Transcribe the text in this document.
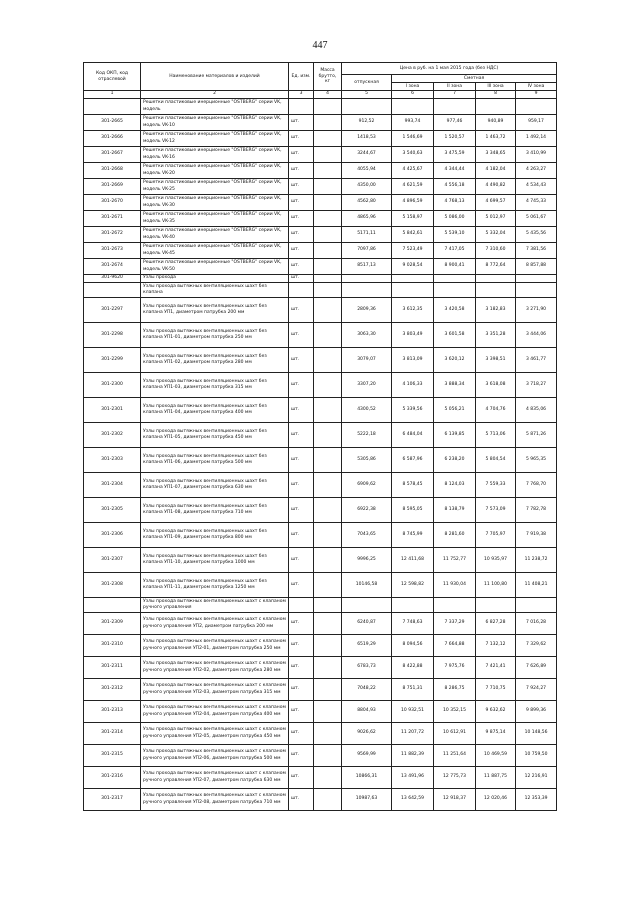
447
Код ОКП, код отраслевой	Наименование материалов и изделий	Ед. изм.	Масса брутто, кг	Цена в руб. на 1 мая 2015 года (без НДС)				
				отпускная	Сметная			
					I зона	II зона	III зона	IV зона
1	2	3	4	5	6	7	8	9
	Решетки пластиковые инерционные "OSTBERG" серии VK, модель							
301-2665	Решетки пластиковые инерционные "OSTBERG" серии VK, модель VK-10	шт.		912,52	993,74	977,46	940,89	959,17
301-2666	Решетки пластиковые инерционные "OSTBERG" серии VK, модель VK-12	шт.		1418,53	1 546,69	1 520,57	1 463,72	1 492,14
301-2667	Решетки пластиковые инерционные "OSTBERG" серии VK, модель VK-16	шт.		3244,67	3 540,63	3 475,59	3 348,65	3 410,99
301-2668	Решетки пластиковые инерционные "OSTBERG" серии VK, модель VK-20	шт.		4055,94	4 425,67	4 344,44	4 182,04	4 263,27
301-2669	Решетки пластиковые инерционные "OSTBERG" серии VK, модель VK-25	шт.		4350,00	4 621,59	4 556,18	4 490,82	4 534,43
301-2670	Решетки пластиковые инерционные "OSTBERG" серии VK, модель VK-30	шт.		4562,80	4 896,59	4 768,13	4 699,57	4 745,33
301-2671	Решетки пластиковые инерционные "OSTBERG" серии VK, модель VK-35	шт.		4865,96	5 158,97	5 086,00	5 012,97	5 061,67
301-2672	Решетки пластиковые инерционные "OSTBERG" серии VK, модель VK-40	шт.		5171,11	5 842,61	5 539,10	5 332,04	5 435,56
301-2673	Решетки пластиковые инерционные "OSTBERG" серии VK, модель VK-45	шт.		7097,86	7 523,49	7 417,05	7 310,60	7 381,56
301-2674	Решетки пластиковые инерционные "OSTBERG" серии VK, модель VK-50	шт.		8517,13	9 028,54	8 900,41	8 772,64	8 857,88
301-9620	Узлы прохода	шт.						
	Узлы прохода вытяжных вентиляционных шахт без клапана							
301-2297	Узлы прохода вытяжных вентиляционных шахт без клапана УП1, диаметром патрубка 200 мм	шт.		2809,36	3 612,35	3 420,58	3 182,83	3 271,90
301-2298	Узлы прохода вытяжных вентиляционных шахт без клапана УП1-01, диаметром патрубка 250 мм	шт.		3063,30	3 803,49	3 601,58	3 351,28	3 444,06
301-2299	Узлы прохода вытяжных вентиляционных шахт без клапана УП1-02, диаметром патрубка 280 мм	шт.		3079,07	3 813,09	3 620,12	3 398,51	3 461,77
301-2300	Узлы прохода вытяжных вентиляционных шахт без клапана УП1-03, диаметром патрубка 315 мм	шт.		3307,20	4 106,33	3 888,34	3 618,08	3 718,27
301-2301	Узлы прохода вытяжных вентиляционных шахт без клапана УП1-04, диаметром патрубка 400 мм	шт.		4300,52	5 339,56	5 056,21	4 704,76	4 835,06
301-2302	Узлы прохода вытяжных вентиляционных шахт без клапана УП1-05, диаметром патрубка 450 мм	шт.		5222,18	6 484,04	6 139,85	5 713,06	5 871,26
301-2303	Узлы прохода вытяжных вентиляционных шахт без клапана УП1-06, диаметром патрубка 500 мм	шт.		5305,86	6 587,96	6 238,20	5 804,54	5 965,35
301-2304	Узлы прохода вытяжных вентиляционных шахт без клапана УП1-07, диаметром патрубка 630 мм	шт.		6909,62	8 578,45	8 124,03	7 559,33	7 768,70
301-2305	Узлы прохода вытяжных вентиляционных шахт без клапана УП1-08, диаметром патрубка 710 мм	шт.		6922,38	8 595,05	8 138,79	7 573,09	7 782,78
301-2306	Узлы прохода вытяжных вентиляционных шахт без клапана УП1-09, диаметром патрубка 800 мм	шт.		7043,65	8 745,99	8 281,60	7 705,97	7 919,38
301-2307	Узлы прохода вытяжных вентиляционных шахт без клапана УП1-10, диаметром патрубка 1000 мм	шт.		9996,25	12 411,68	11 752,77	10 935,97	11 238,72
301-2308	Узлы прохода вытяжных вентиляционных шахт без клапана УП1-11, диаметром патрубка 1250 мм	шт.		10146,58	12 598,82	11 930,04	11 100,80	11 408,21
	Узлы прохода вытяжных вентиляционных шахт с клапаном ручного управления							
301-2309	Узлы прохода вытяжных вентиляционных шахт с клапаном ручного управления УП2, диаметром патрубка 200 мм	шт.		6240,87	7 748,63	7 337,29	6 827,28	7 016,28
301-2310	Узлы прохода вытяжных вентиляционных шахт с клапаном ручного управления УП2-01, диаметром патрубка 250 мм	шт.		6519,29	8 094,56	7 664,88	7 132,12	7 329,62
301-2311	Узлы прохода вытяжных вентиляционных шахт с клапаном ручного управления УП2-02, диаметром патрубка 280 мм	шт.		6783,73	8 422,88	7 975,76	7 421,41	7 626,89
301-2312	Узлы прохода вытяжных вентиляционных шахт с клапаном ручного управления УП2-03, диаметром патрубка 315 мм	шт.		7048,22	8 751,31	8 286,75	7 710,75	7 924,27
301-2313	Узлы прохода вытяжных вентиляционных шахт с клапаном ручного управления УП2-04, диаметром патрубка 400 мм	шт.		8804,93	10 932,51	10 352,15	9 632,62	9 899,36
301-2314	Узлы прохода вытяжных вентиляционных шахт с клапаном ручного управления УП2-05, диаметром патрубка 450 мм	шт.		9026,62	11 207,72	10 612,91	9 875,14	10 148,56
301-2315	Узлы прохода вытяжных вентиляционных шахт с клапаном ручного управления УП2-06, диаметром патрубка 500 мм	шт.		9569,99	11 882,39	11 251,64	10 469,59	10 759,50
301-2316	Узлы прохода вытяжных вентиляционных шахт с клапаном ручного управления УП2-07, диаметром патрубка 630 мм	шт.		10866,31	13 491,96	12 775,73	11 887,75	12 216,91
301-2317	Узлы прохода вытяжных вентиляционных шахт с клапаном ручного управления УП2-08, диаметром патрубка 710 мм	шт.		10987,63	13 642,59	12 918,37	12 020,46	12 353,39
